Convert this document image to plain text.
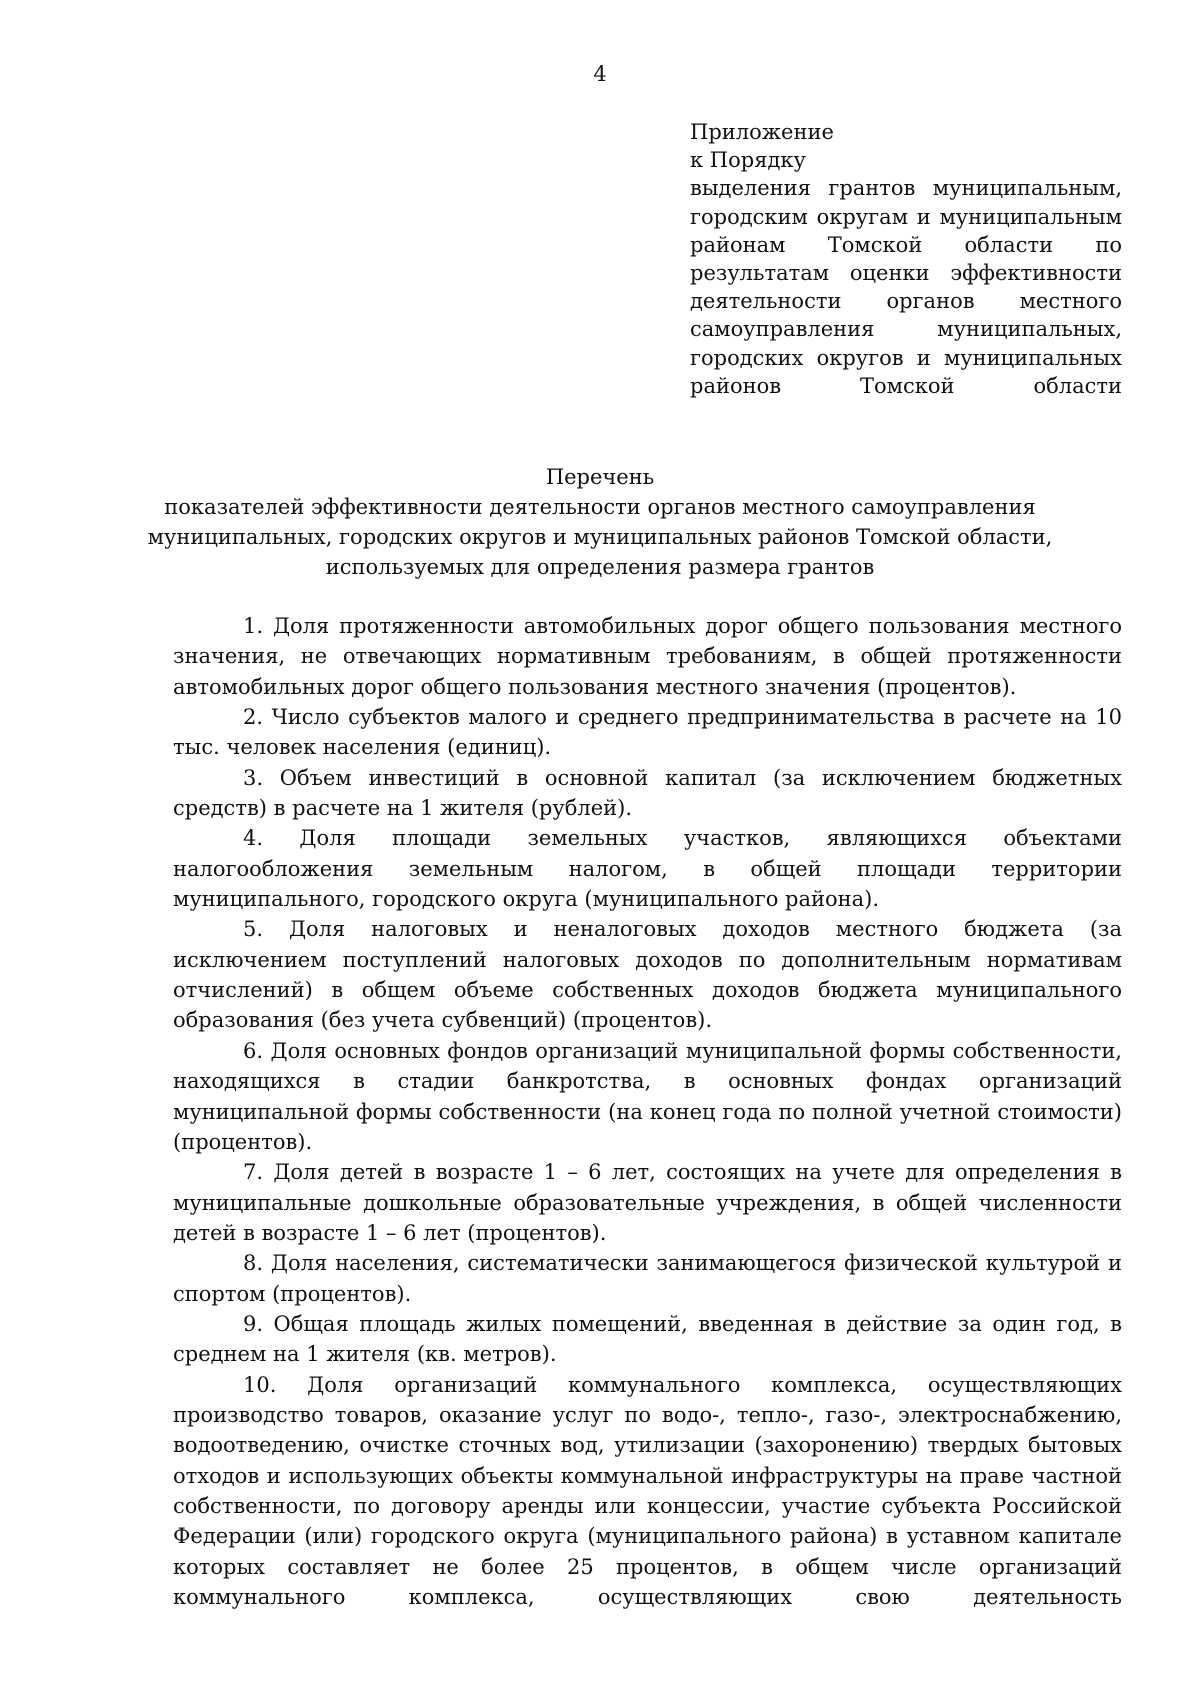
4
Приложение
к Порядку
выделения грантов муниципальным, городским округам и муниципальным районам Томской области по результатам оценки эффективности деятельности органов местного самоуправления муниципальных, городских округов и муниципальных районов Томской области
Перечень
показателей эффективности деятельности органов местного самоуправления
муниципальных, городских округов и муниципальных районов Томской области,
используемых для определения размера грантов

1. Доля протяженности автомобильных дорог общего пользования местного значения, не отвечающих нормативным требованиям, в общей протяженности автомобильных дорог общего пользования местного значения (процентов).

2. Число субъектов малого и среднего предпринимательства в расчете на 10 тыс. человек населения (единиц).

3. Объем инвестиций в основной капитал (за исключением бюджетных средств) в расчете на 1 жителя (рублей).

4. Доля площади земельных участков, являющихся объектами налогообложения земельным налогом, в общей площади территории муниципального, городского округа (муниципального района).

5. Доля налоговых и неналоговых доходов местного бюджета (за исключением поступлений налоговых доходов по дополнительным нормативам отчислений) в общем объеме собственных доходов бюджета муниципального образования (без учета субвенций) (процентов).

6. Доля основных фондов организаций муниципальной формы собственности, находящихся в стадии банкротства, в основных фондах организаций муниципальной формы собственности (на конец года по полной учетной стоимости) (процентов).

7. Доля детей в возрасте 1 – 6 лет, состоящих на учете для определения в муниципальные дошкольные образовательные учреждения, в общей численности детей в возрасте 1 – 6 лет (процентов).

8. Доля населения, систематически занимающегося физической культурой и спортом (процентов).

9. Общая площадь жилых помещений, введенная в действие за один год, в среднем на 1 жителя (кв. метров).

10. Доля организаций коммунального комплекса, осуществляющих производство товаров, оказание услуг по водо-, тепло-, газо-, электроснабжению, водоотведению, очистке сточных вод, утилизации (захоронению) твердых бытовых отходов и использующих объекты коммунальной инфраструктуры на праве частной собственности, по договору аренды или концессии, участие субъекта Российской Федерации (или) городского округа (муниципального района) в уставном капитале которых составляет не более 25 процентов, в общем числе организаций коммунального комплекса, осуществляющих свою деятельность
